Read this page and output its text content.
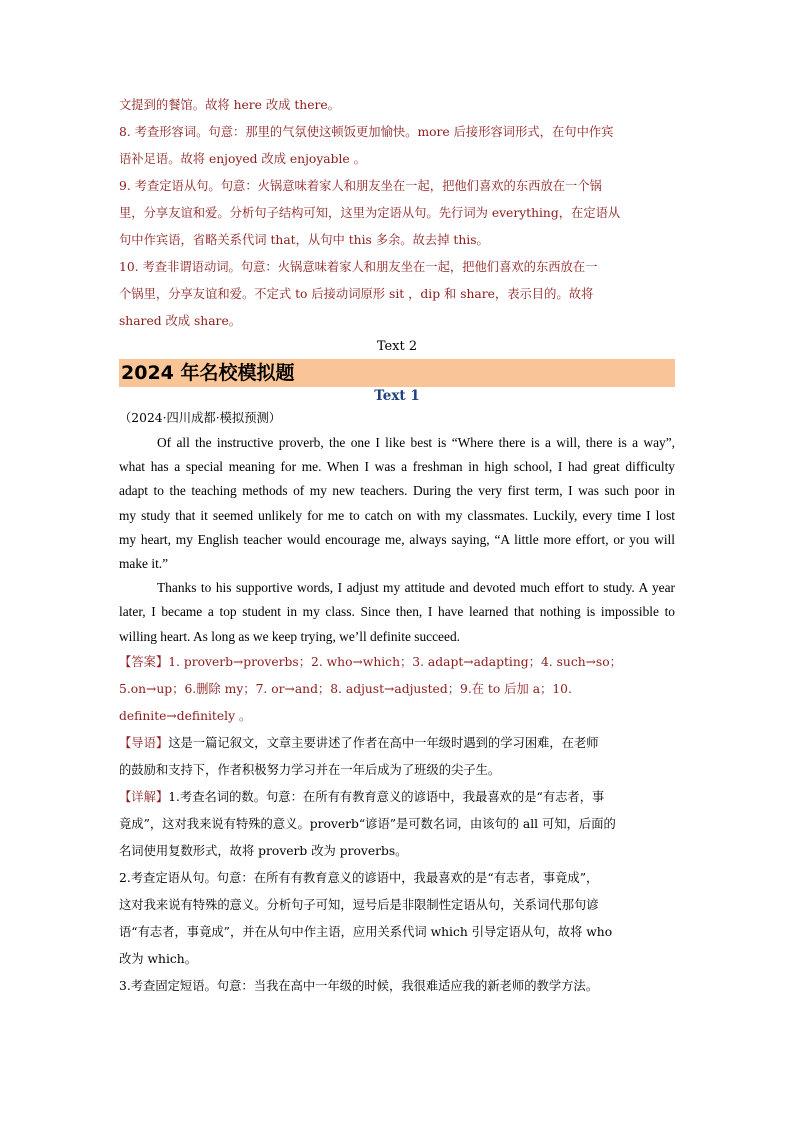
文提到的餐馆。故将 here 改成 there。

8. 考查形容词。句意：那里的气氛使这顿饭更加愉快。more 后接形容词形式，在句中作宾

语补足语。故将 enjoyed 改成 enjoyable 。

9. 考查定语从句。句意：火锅意味着家人和朋友坐在一起，把他们喜欢的东西放在一个锅

里，分享友谊和爱。分析句子结构可知，这里为定语从句。先行词为 everything，在定语从

句中作宾语，省略关系代词 that，从句中 this 多余。故去掉 this。

10. 考查非谓语动词。句意：火锅意味着家人和朋友坐在一起，把他们喜欢的东西放在一

个锅里，分享友谊和爱。不定式 to 后接动词原形 sit ，dip 和 share，表示目的。故将

shared 改成 share。

Text 2
2024 年名校模拟题
Text 1
（2024·四川成都·模拟预测）
Of all the instructive proverb, the one I like best is “Where there is a will, there is a way”,
what has a special meaning for me. When I was a freshman in high school, I had great difficulty
adapt to the teaching methods of my new teachers. During the very first term, I was such poor in
my study that it seemed unlikely for me to catch on with my classmates. Luckily, every time I lost
my heart, my English teacher would encourage me, always saying, “A little more effort, or you will
make it.”
Thanks to his supportive words, I adjust my attitude and devoted much effort to study. A year
later, I became a top student in my class. Since then, I have learned that nothing is impossible to
willing heart. As long as we keep trying, we’ll definite succeed.

【答案】1. proverb→proverbs；2. who→which；3. adapt→adapting；4. such→so；

5.on→up；6.删除 my；7. or→and；8. adjust→adjusted；9.在 to 后加 a；10.

definite→definitely 。

【导语】这是一篇记叙文，文章主要讲述了作者在高中一年级时遇到的学习困难，在老师

的鼓励和支持下，作者积极努力学习并在一年后成为了班级的尖子生。

【详解】1.考查名词的数。句意：在所有有教育意义的谚语中，我最喜欢的是“有志者，事

竟成”，这对我来说有特殊的意义。proverb“谚语”是可数名词，由该句的 all 可知，后面的

名词使用复数形式，故将 proverb 改为 proverbs。

2.考查定语从句。句意：在所有有教育意义的谚语中，我最喜欢的是“有志者，事竟成”，

这对我来说有特殊的意义。分析句子可知，逗号后是非限制性定语从句，关系词代那句谚

语“有志者，事竟成”，并在从句中作主语，应用关系代词 which 引导定语从句，故将 who

改为 which。

3.考查固定短语。句意：当我在高中一年级的时候，我很难适应我的新老师的教学方法。
